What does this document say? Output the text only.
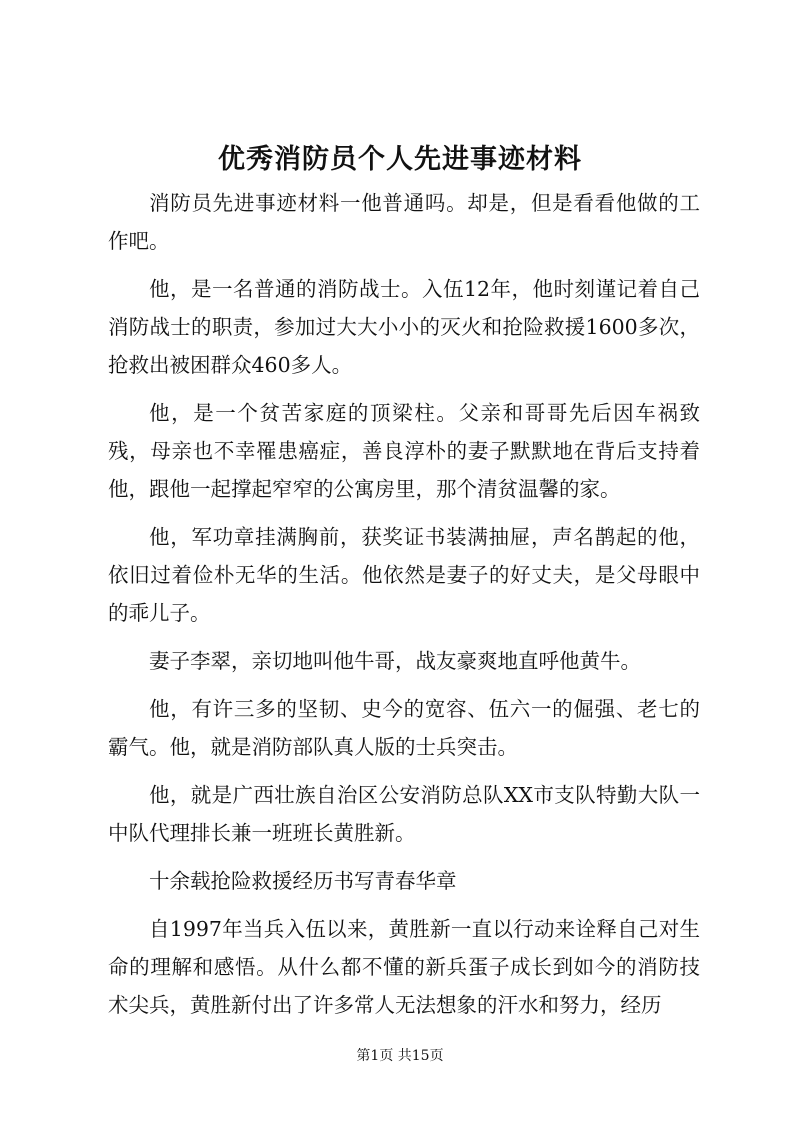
优秀消防员个人先进事迹材料

消防员先进事迹材料一他普通吗。却是，但是看看他做的工作吧。

他，是一名普通的消防战士。入伍12年，他时刻谨记着自己消防战士的职责，参加过大大小小的灭火和抢险救援1600多次，抢救出被困群众460多人。

他，是一个贫苦家庭的顶梁柱。父亲和哥哥先后因车祸致残，母亲也不幸罹患癌症，善良淳朴的妻子默默地在背后支持着他，跟他一起撑起窄窄的公寓房里，那个清贫温馨的家。

他，军功章挂满胸前，获奖证书装满抽屉，声名鹊起的他，依旧过着俭朴无华的生活。他依然是妻子的好丈夫，是父母眼中的乖儿子。

妻子李翠，亲切地叫他牛哥，战友豪爽地直呼他黄牛。

他，有许三多的坚韧、史今的宽容、伍六一的倔强、老七的霸气。他，就是消防部队真人版的士兵突击。

他，就是广西壮族自治区公安消防总队XX市支队特勤大队一中队代理排长兼一班班长黄胜新。

十余载抢险救援经历书写青春华章

自1997年当兵入伍以来，黄胜新一直以行动来诠释自己对生命的理解和感悟。从什么都不懂的新兵蛋子成长到如今的消防技术尖兵，黄胜新付出了许多常人无法想象的汗水和努力，经历

第1页 共15页
